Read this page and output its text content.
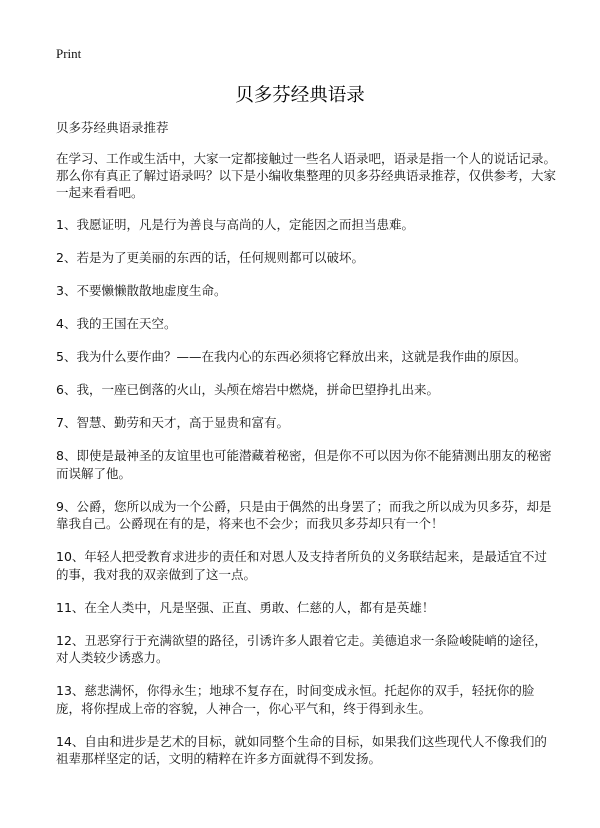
Print
贝多芬经典语录

贝多芬经典语录推荐

在学习、工作或生活中，大家一定都接触过一些名人语录吧，语录是指一个人的说话记录。那么你有真正了解过语录吗？以下是小编收集整理的贝多芬经典语录推荐，仅供参考，大家一起来看看吧。

1、我愿证明，凡是行为善良与高尚的人，定能因之而担当患难。
2、若是为了更美丽的东西的话，任何规则都可以破坏。
3、不要懒懒散散地虚度生命。
4、我的王国在天空。
5、我为什么要作曲？——在我内心的东西必须将它释放出来，这就是我作曲的原因。
6、我，一座已倒落的火山，头颅在熔岩中燃烧，拼命巴望挣扎出来。
7、智慧、勤劳和天才，高于显贵和富有。
8、即使是最神圣的友谊里也可能潜藏着秘密，但是你不可以因为你不能猜测出朋友的秘密而误解了他。
9、公爵，您所以成为一个公爵，只是由于偶然的出身罢了；而我之所以成为贝多芬，却是靠我自己。公爵现在有的是，将来也不会少；而我贝多芬却只有一个！
10、年轻人把受教育求进步的责任和对恩人及支持者所负的义务联结起来，是最适宜不过的事，我对我的双亲做到了这一点。
11、在全人类中，凡是坚强、正直、勇敢、仁慈的人，都有是英雄！
12、丑恶穿行于充满欲望的路径，引诱许多人跟着它走。美德追求一条险峻陡峭的途径，对人类较少诱惑力。
13、慈悲满怀，你得永生；地球不复存在，时间变成永恒。托起你的双手，轻抚你的脸庞，将你捏成上帝的容貌，人神合一，你心平气和，终于得到永生。
14、自由和进步是艺术的目标，就如同整个生命的目标，如果我们这些现代人不像我们的祖辈那样坚定的话，文明的精粹在许多方面就得不到发扬。
